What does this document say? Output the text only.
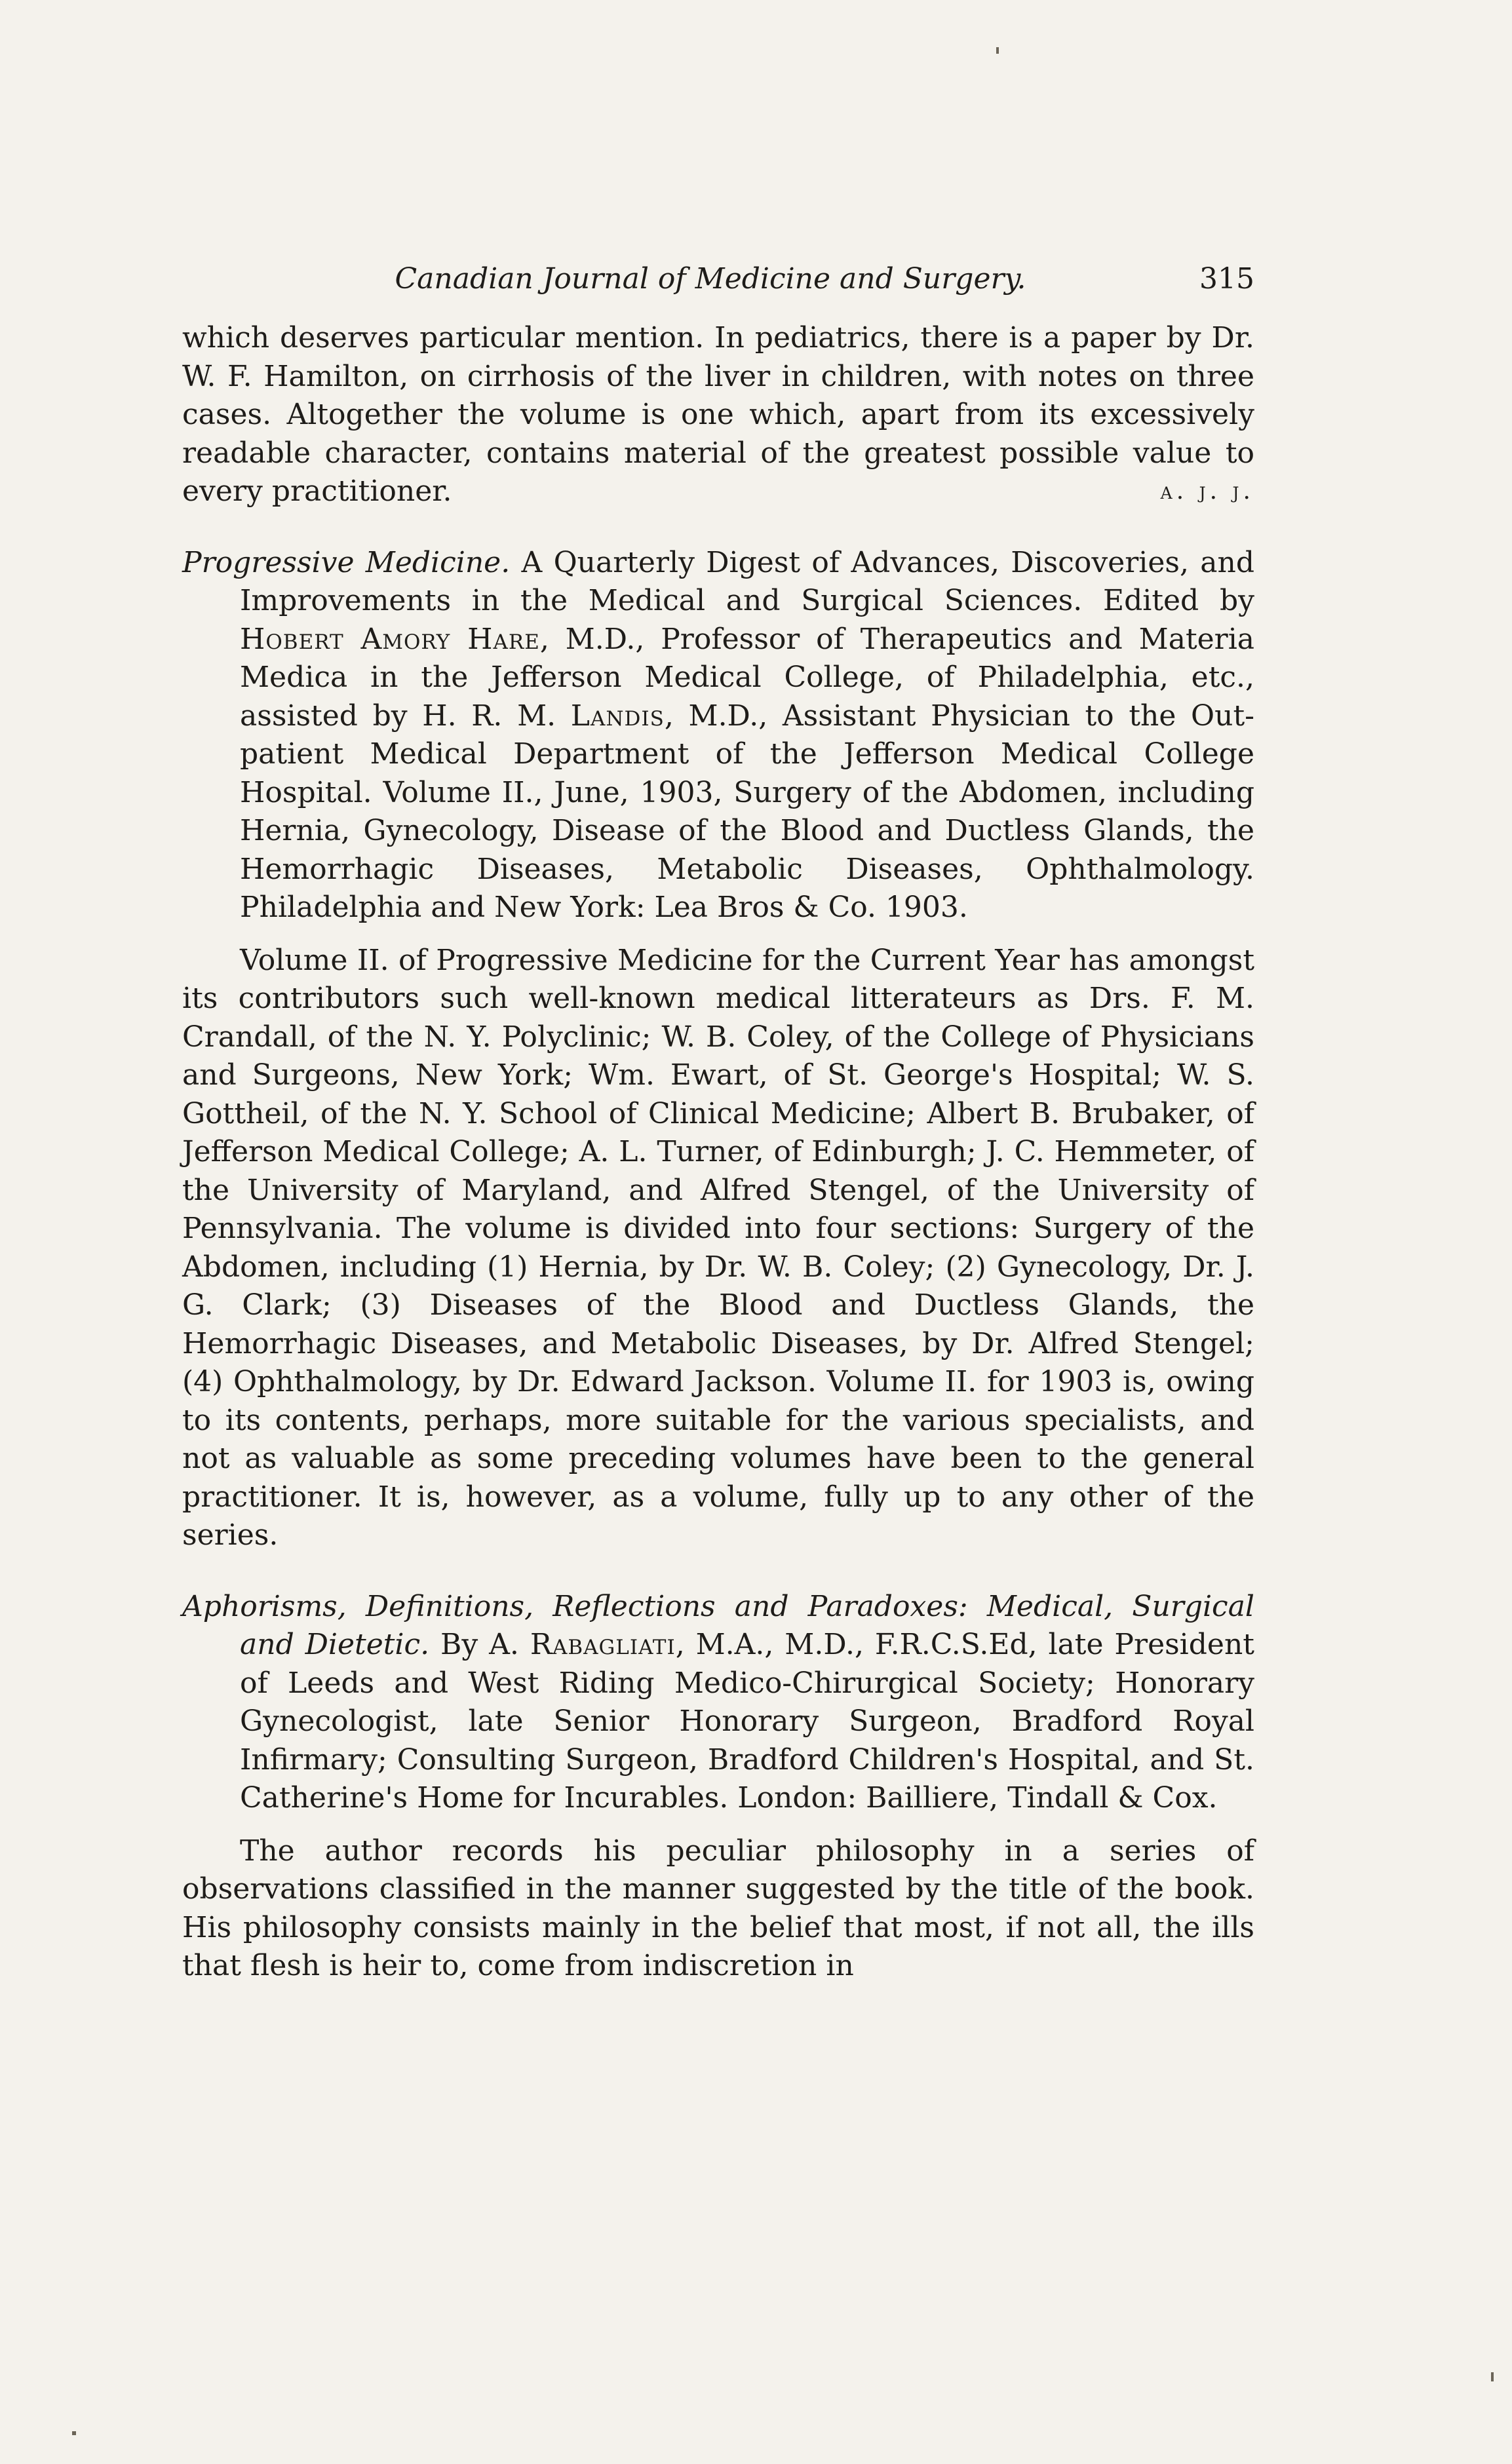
Canadian Journal of Medicine and Surgery.	315

which deserves particular mention. In pediatrics, there is a paper by Dr. W. F. Hamilton, on cirrhosis of the liver in children, with notes on three cases. Altogether the volume is one which, apart from its excessively readable character, contains material of the greatest possible value to every practitioner.	a. j. j.

Progressive Medicine. A Quarterly Digest of Advances, Discoveries, and Improvements in the Medical and Surgical Sciences. Edited by Hobert Amory Hare, M.D., Professor of Therapeutics and Materia Medica in the Jefferson Medical College, of Philadelphia, etc., assisted by H. R. M. Landis, M.D., Assistant Physician to the Out-patient Medical Department of the Jefferson Medical College Hospital. Volume II., June, 1903, Surgery of the Abdomen, including Hernia, Gynecology, Disease of the Blood and Ductless Glands, the Hemorrhagic Diseases, Metabolic Diseases, Ophthalmology. Philadelphia and New York: Lea Bros & Co. 1903.

Volume II. of Progressive Medicine for the Current Year has amongst its contributors such well-known medical litterateurs as Drs. F. M. Crandall, of the N. Y. Polyclinic; W. B. Coley, of the College of Physicians and Surgeons, New York; Wm. Ewart, of St. George's Hospital; W. S. Gottheil, of the N. Y. School of Clinical Medicine; Albert B. Brubaker, of Jefferson Medical College; A. L. Turner, of Edinburgh; J. C. Hemmeter, of the University of Maryland, and Alfred Stengel, of the University of Pennsylvania. The volume is divided into four sections: Surgery of the Abdomen, including (1) Hernia, by Dr. W. B. Coley; (2) Gynecology, Dr. J. G. Clark; (3) Diseases of the Blood and Ductless Glands, the Hemorrhagic Diseases, and Metabolic Diseases, by Dr. Alfred Stengel; (4) Ophthalmology, by Dr. Edward Jackson. Volume II. for 1903 is, owing to its contents, perhaps, more suitable for the various specialists, and not as valuable as some preceding volumes have been to the general practitioner. It is, however, as a volume, fully up to any other of the series.

Aphorisms, Definitions, Reflections and Paradoxes: Medical, Surgical and Dietetic. By A. Rabagliati, M.A., M.D., F.R.C.S.Ed, late President of Leeds and West Riding Medico-Chirurgical Society; Honorary Gynecologist, late Senior Honorary Surgeon, Bradford Royal Infirmary; Consulting Surgeon, Bradford Children's Hospital, and St. Catherine's Home for Incurables. London: Bailliere, Tindall & Cox.

The author records his peculiar philosophy in a series of observations classified in the manner suggested by the title of the book. His philosophy consists mainly in the belief that most, if not all, the ills that flesh is heir to, come from indiscretion in
